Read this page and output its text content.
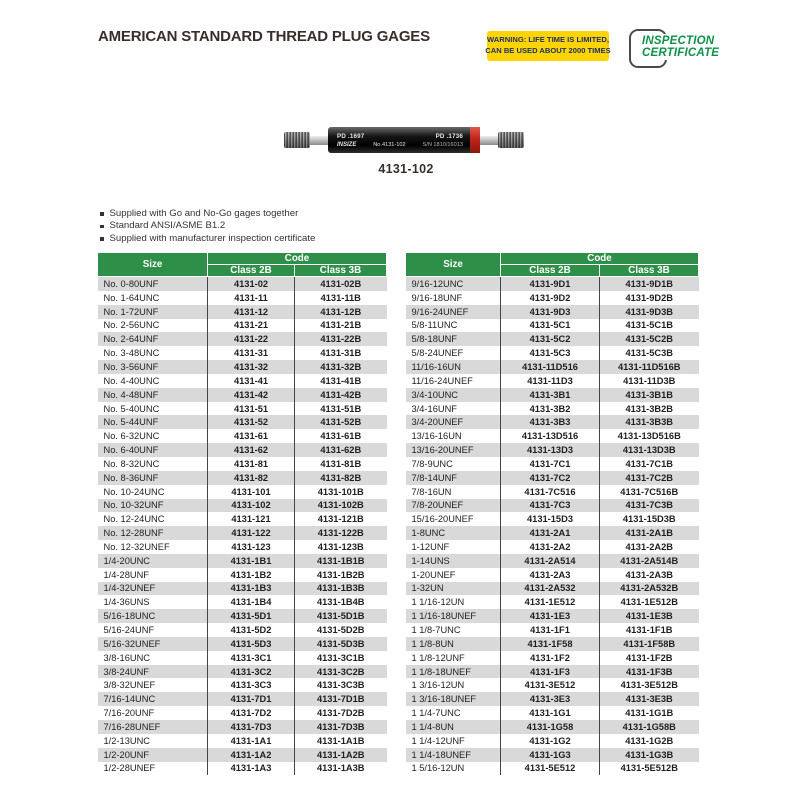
AMERICAN STANDARD THREAD PLUG GAGES	WARNING: LIFE TIME IS LIMITED,
CAN BE USED ABOUT 2000 TIMES
INSPECTION
CERTIFICATE
PD .1697	PD .1736
INSIZE	No.4131-102	S/N 1810/16013
4131-102
Supplied with Go and No-Go gages together
Standard ANSI/ASME B1.2
Supplied with manufacturer inspection certificate
Size	Code	
	Class 2B	Class 3B
No. 0-80UNF	4131-02	4131-02B
No. 1-64UNC	4131-11	4131-11B
No. 1-72UNF	4131-12	4131-12B
No. 2-56UNC	4131-21	4131-21B
No. 2-64UNF	4131-22	4131-22B
No. 3-48UNC	4131-31	4131-31B
No. 3-56UNF	4131-32	4131-32B
No. 4-40UNC	4131-41	4131-41B
No. 4-48UNF	4131-42	4131-42B
No. 5-40UNC	4131-51	4131-51B
No. 5-44UNF	4131-52	4131-52B
No. 6-32UNC	4131-61	4131-61B
No. 6-40UNF	4131-62	4131-62B
No. 8-32UNC	4131-81	4131-81B
No. 8-36UNF	4131-82	4131-82B
No. 10-24UNC	4131-101	4131-101B
No. 10-32UNF	4131-102	4131-102B
No. 12-24UNC	4131-121	4131-121B
No. 12-28UNF	4131-122	4131-122B
No. 12-32UNEF	4131-123	4131-123B
1/4-20UNC	4131-1B1	4131-1B1B
1/4-28UNF	4131-1B2	4131-1B2B
1/4-32UNEF	4131-1B3	4131-1B3B
1/4-36UNS	4131-1B4	4131-1B4B
5/16-18UNC	4131-5D1	4131-5D1B
5/16-24UNF	4131-5D2	4131-5D2B
5/16-32UNEF	4131-5D3	4131-5D3B
3/8-16UNC	4131-3C1	4131-3C1B
3/8-24UNF	4131-3C2	4131-3C2B
3/8-32UNEF	4131-3C3	4131-3C3B
7/16-14UNC	4131-7D1	4131-7D1B
7/16-20UNF	4131-7D2	4131-7D2B
7/16-28UNEF	4131-7D3	4131-7D3B
1/2-13UNC	4131-1A1	4131-1A1B
1/2-20UNF	4131-1A2	4131-1A2B
1/2-28UNEF	4131-1A3	4131-1A3B
Size	Code	
	Class 2B	Class 3B
9/16-12UNC	4131-9D1	4131-9D1B
9/16-18UNF	4131-9D2	4131-9D2B
9/16-24UNEF	4131-9D3	4131-9D3B
5/8-11UNC	4131-5C1	4131-5C1B
5/8-18UNF	4131-5C2	4131-5C2B
5/8-24UNEF	4131-5C3	4131-5C3B
11/16-16UN	4131-11D516	4131-11D516B
11/16-24UNEF	4131-11D3	4131-11D3B
3/4-10UNC	4131-3B1	4131-3B1B
3/4-16UNF	4131-3B2	4131-3B2B
3/4-20UNEF	4131-3B3	4131-3B3B
13/16-16UN	4131-13D516	4131-13D516B
13/16-20UNEF	4131-13D3	4131-13D3B
7/8-9UNC	4131-7C1	4131-7C1B
7/8-14UNF	4131-7C2	4131-7C2B
7/8-16UN	4131-7C516	4131-7C516B
7/8-20UNEF	4131-7C3	4131-7C3B
15/16-20UNEF	4131-15D3	4131-15D3B
1-8UNC	4131-2A1	4131-2A1B
1-12UNF	4131-2A2	4131-2A2B
1-14UNS	4131-2A514	4131-2A514B
1-20UNEF	4131-2A3	4131-2A3B
1-32UN	4131-2A532	4131-2A532B
1 1/16-12UN	4131-1E512	4131-1E512B
1 1/16-18UNEF	4131-1E3	4131-1E3B
1 1/8-7UNC	4131-1F1	4131-1F1B
1 1/8-8UN	4131-1F58	4131-1F58B
1 1/8-12UNF	4131-1F2	4131-1F2B
1 1/8-18UNEF	4131-1F3	4131-1F3B
1 3/16-12UN	4131-3E512	4131-3E512B
1 3/16-18UNEF	4131-3E3	4131-3E3B
1 1/4-7UNC	4131-1G1	4131-1G1B
1 1/4-8UN	4131-1G58	4131-1G58B
1 1/4-12UNF	4131-1G2	4131-1G2B
1 1/4-18UNEF	4131-1G3	4131-1G3B
1 5/16-12UN	4131-5E512	4131-5E512B
